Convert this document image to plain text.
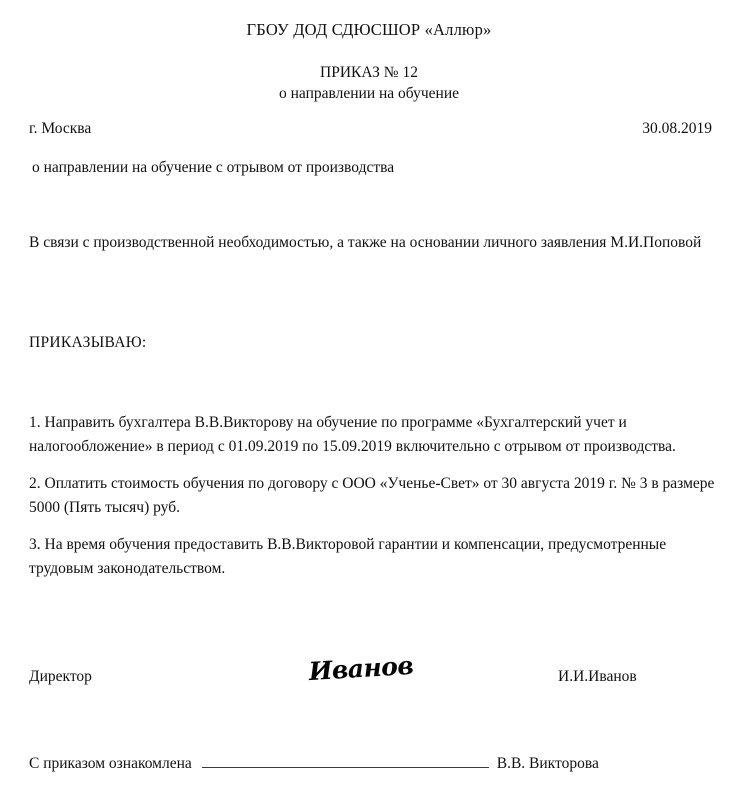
ГБОУ ДОД СДЮСШОР «Аллюр»
ПРИКАЗ № 12
о направлении на обучение
г. Москва	30.08.2019
о направлении на обучение с отрывом от производства
В связи с производственной необходимостью, а также на основании личного заявления М.И.Поповой
ПРИКАЗЫВАЮ:

1. Направить бухгалтера В.В.Викторову на обучение по программе «Бухгалтерский учет и налогообложение» в период с 01.09.2019 по 15.09.2019 включительно с отрывом от производства.

2. Оплатить стоимость обучения по договору с ООО «Ученье-Свет» от 30 августа 2019 г. № 3 в размере 5000 (Пять тысяч) руб.

3. На время обучения предоставить В.В.Викторовой гарантии и компенсации, предусмотренные трудовым законодательством.

Директор	Иванов	И.И.Иванов
С приказом ознакомлена	В.В. Викторова
